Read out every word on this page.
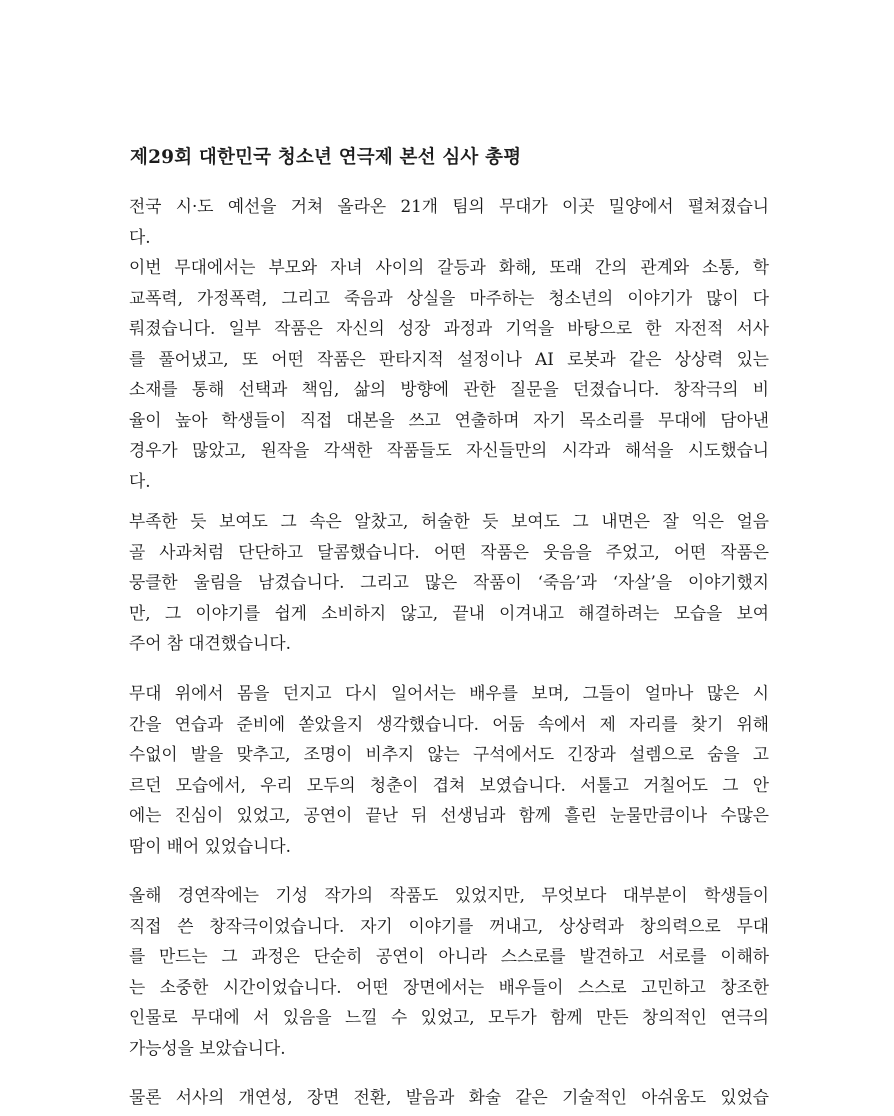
제29회 대한민국 청소년 연극제 본선 심사 총평
전국 시·도 예선을 거쳐 올라온 21개 팀의 무대가 이곳 밀양에서 펼쳐졌습니
다.
이번 무대에서는 부모와 자녀 사이의 갈등과 화해, 또래 간의 관계와 소통, 학
교폭력, 가정폭력, 그리고 죽음과 상실을 마주하는 청소년의 이야기가 많이 다
뤄졌습니다. 일부 작품은 자신의 성장 과정과 기억을 바탕으로 한 자전적 서사
를 풀어냈고, 또 어떤 작품은 판타지적 설정이나 AI 로봇과 같은 상상력 있는
소재를 통해 선택과 책임, 삶의 방향에 관한 질문을 던졌습니다. 창작극의 비
율이 높아 학생들이 직접 대본을 쓰고 연출하며 자기 목소리를 무대에 담아낸
경우가 많았고, 원작을 각색한 작품들도 자신들만의 시각과 해석을 시도했습니
다.
부족한 듯 보여도 그 속은 알찼고, 허술한 듯 보여도 그 내면은 잘 익은 얼음
골 사과처럼 단단하고 달콤했습니다. 어떤 작품은 웃음을 주었고, 어떤 작품은
뭉클한 울림을 남겼습니다. 그리고 많은 작품이 ‘죽음’과 ‘자살’을 이야기했지
만, 그 이야기를 쉽게 소비하지 않고, 끝내 이겨내고 해결하려는 모습을 보여
주어 참 대견했습니다.
무대 위에서 몸을 던지고 다시 일어서는 배우를 보며, 그들이 얼마나 많은 시
간을 연습과 준비에 쏟았을지 생각했습니다. 어둠 속에서 제 자리를 찾기 위해
수없이 발을 맞추고, 조명이 비추지 않는 구석에서도 긴장과 설렘으로 숨을 고
르던 모습에서, 우리 모두의 청춘이 겹쳐 보였습니다. 서툴고 거칠어도 그 안
에는 진심이 있었고, 공연이 끝난 뒤 선생님과 함께 흘린 눈물만큼이나 수많은
땀이 배어 있었습니다.
올해 경연작에는 기성 작가의 작품도 있었지만, 무엇보다 대부분이 학생들이
직접 쓴 창작극이었습니다. 자기 이야기를 꺼내고, 상상력과 창의력으로 무대
를 만드는 그 과정은 단순히 공연이 아니라 스스로를 발견하고 서로를 이해하
는 소중한 시간이었습니다. 어떤 장면에서는 배우들이 스스로 고민하고 창조한
인물로 무대에 서 있음을 느낄 수 있었고, 모두가 함께 만든 창의적인 연극의
가능성을 보았습니다.
물론 서사의 개연성, 장면 전환, 발음과 화술 같은 기술적인 아쉬움도 있었습
